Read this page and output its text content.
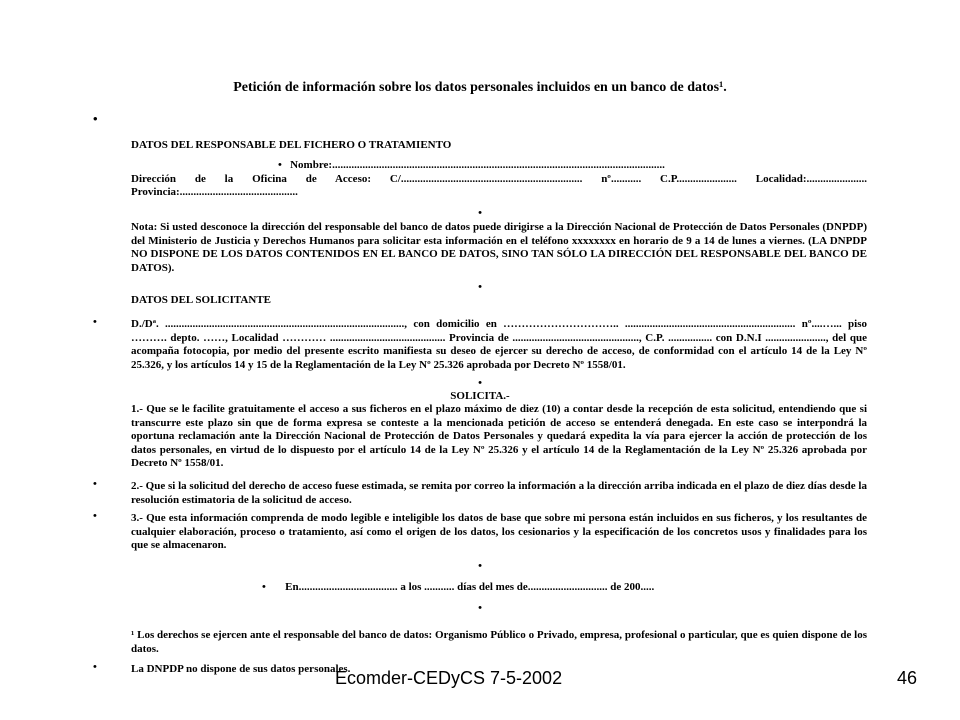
Petición de información sobre los datos personales incluidos en un banco de datos¹.
•
DATOS DEL RESPONSABLE DEL FICHERO O TRATAMIENTO
• Nombre:.........................................................................................................................
Dirección de la Oficina de Acceso: C/.................................................................. nº........... C.P...................... Localidad:......................
Provincia:...........................................
•
Nota: Si usted desconoce la dirección del responsable del banco de datos puede dirigirse a la Dirección Nacional de Protección de Datos Personales (DNPDP) del Ministerio de Justicia y Derechos Humanos para solicitar esta información en el teléfono xxxxxxxx en horario de 9 a 14 de lunes a viernes. (LA DNPDP NO DISPONE DE LOS DATOS CONTENIDOS EN EL BANCO DE DATOS, SINO TAN SÓLO LA DIRECCIÓN DEL RESPONSABLE DEL BANCO DE DATOS).
•
DATOS DEL SOLICITANTE
•	D./Dª. ......................................................................................., con domicilio en ………………………….. .............................................................. nº....…... piso ………. depto. ……, Localidad ………… .......................................... Provincia de .............................................., C.P. ................ con D.N.I ......................, del que acompaña fotocopia, por medio del presente escrito manifiesta su deseo de ejercer su derecho de acceso, de conformidad con el artículo 14 de la Ley Nº 25.326, y los artículos 14 y 15 de la Reglamentación de la Ley Nº 25.326 aprobada por Decreto Nº 1558/01.
•
SOLICITA.-
1.- Que se le facilite gratuitamente el acceso a sus ficheros en el plazo máximo de diez (10) a contar desde la recepción de esta solicitud, entendiendo que si transcurre este plazo sin que de forma expresa se conteste a la mencionada petición de acceso se entenderá denegada. En este caso se interpondrá la oportuna reclamación ante la Dirección Nacional de Protección de Datos Personales y quedará expedita la vía para ejercer la acción de protección de los datos personales, en virtud de lo dispuesto por el artículo 14 de la Ley Nº 25.326 y el artículo 14 de la Reglamentación de la Ley Nº 25.326 aprobada por Decreto Nº 1558/01.
•	2.- Que si la solicitud del derecho de acceso fuese estimada, se remita por correo la información a la dirección arriba indicada en el plazo de diez días desde la resolución estimatoria de la solicitud de acceso.
•	3.- Que esta información comprenda de modo legible e inteligible los datos de base que sobre mi persona están incluidos en sus ficheros, y los resultantes de cualquier elaboración, proceso o tratamiento, así como el origen de los datos, los cesionarios y la especificación de los concretos usos y finalidades para los que se almacenaron.
•
• En.................................... a los ........... días del mes de............................. de 200.....
•
¹ Los derechos se ejercen ante el responsable del banco de datos: Organismo Público o Privado, empresa, profesional o particular, que es quien dispone de los datos.
•	La DNPDP no dispone de sus datos personales.
Ecomder-CEDyCS 7-5-2002	46
